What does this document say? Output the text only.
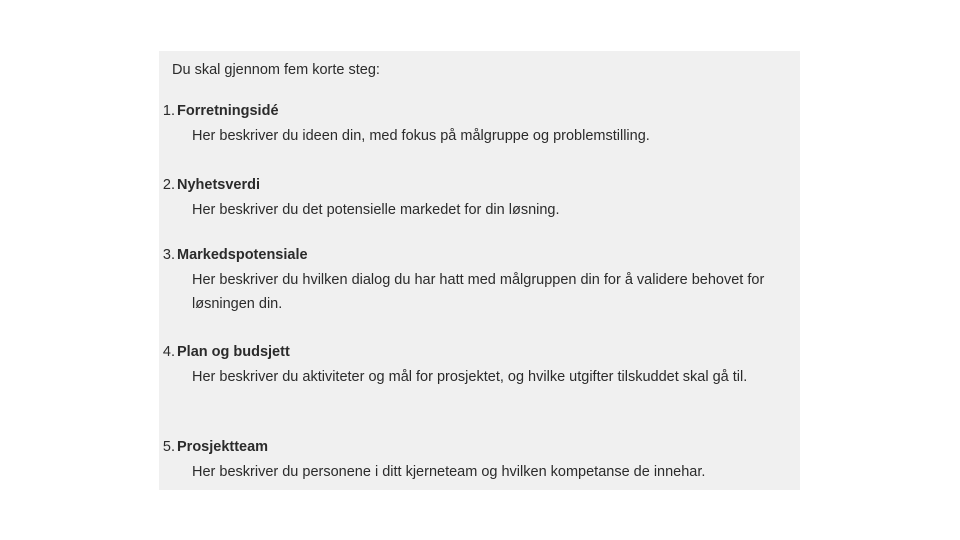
Du skal gjennom fem korte steg:

1. Forretningsidé

Her beskriver du ideen din, med fokus på målgruppe og problemstilling.

2. Nyhetsverdi

Her beskriver du det potensielle markedet for din løsning.

3. Markedspotensiale

Her beskriver du hvilken dialog du har hatt med målgruppen din for å validere behovet for løsningen din.

4. Plan og budsjett

Her beskriver du aktiviteter og mål for prosjektet, og hvilke utgifter tilskuddet skal gå til.

5. Prosjektteam

Her beskriver du personene i ditt kjerneteam og hvilken kompetanse de innehar.
